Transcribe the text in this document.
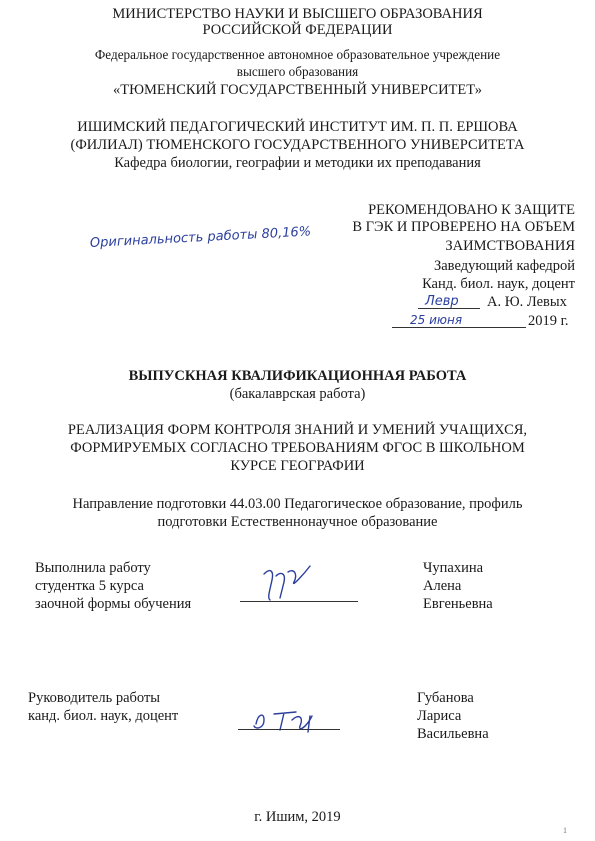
МИНИСТЕРСТВО НАУКИ И ВЫСШЕГО ОБРАЗОВАНИЯ

РОССИЙСКОЙ ФЕДЕРАЦИИ

Федеральное государственное автономное образовательное учреждение

высшего образования

«ТЮМЕНСКИЙ ГОСУДАРСТВЕННЫЙ УНИВЕРСИТЕТ»

ИШИМСКИЙ ПЕДАГОГИЧЕСКИЙ ИНСТИТУТ ИМ. П. П. ЕРШОВА

(ФИЛИАЛ) ТЮМЕНСКОГО ГОСУДАРСТВЕННОГО УНИВЕРСИТЕТА

Кафедра биологии, географии и методики их преподавания

РЕКОМЕНДОВАНО К ЗАЩИТЕ

В ГЭК И ПРОВЕРЕНО НА ОБЪЕМ

ЗАИМСТВОВАНИЯ

Заведующий кафедрой

Канд. биол. наук, доцент

А. Ю. Левых

2019 г.

Оригинальность работы 80,16%

Левр

25 июня

ВЫПУСКНАЯ КВАЛИФИКАЦИОННАЯ РАБОТА

(бакалаврская работа)

РЕАЛИЗАЦИЯ ФОРМ КОНТРОЛЯ ЗНАНИЙ И УМЕНИЙ УЧАЩИХСЯ,

ФОРМИРУЕМЫХ СОГЛАСНО ТРЕБОВАНИЯМ ФГОС В ШКОЛЬНОМ

КУРСЕ ГЕОГРАФИИ

Направление подготовки 44.03.00 Педагогическое образование, профиль

подготовки Естественнонаучное образование

Выполнила работу

студентка 5 курса

заочной формы обучения

Чупахина

Алена

Евгеньевна

Руководитель работы

канд. биол. наук, доцент

Губанова

Лариса

Васильевна

г. Ишим, 2019

1
